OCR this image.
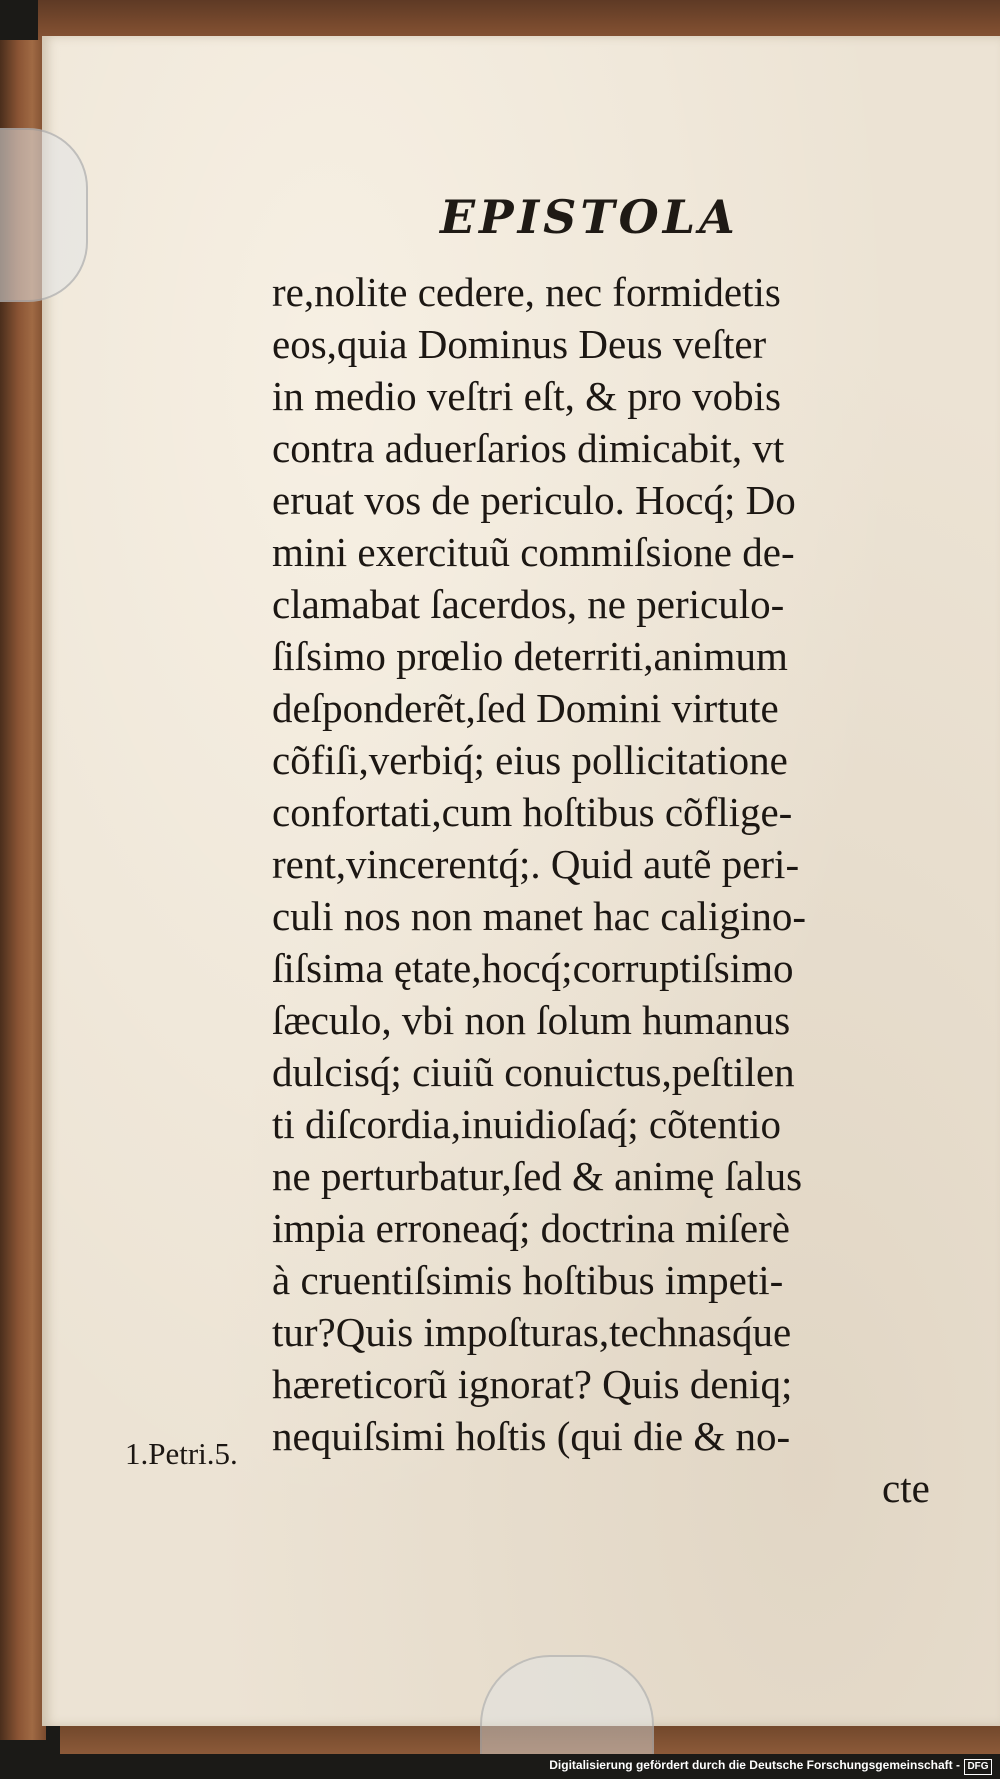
EPISTOLA
re,nolite cedere, nec formidetis
eos,quia Dominus Deus veſter
in medio veſtri eſt, & pro vobis
contra aduerſarios dimicabit, vt
eruat vos de periculo. Hocq́; Do
mini exercituũ commiſsione de-
clamabat ſacerdos, ne periculo-
ſiſsimo prœlio deterriti,animum
deſponderẽt,ſed Domini virtute
cõfiſi,verbiq́; eius pollicitatione
confortati,cum hoſtibus cõflige-
rent,vincerentq́;. Quid autẽ peri-
culi nos non manet hac caligino-
ſiſsima ętate,hocq́;corruptiſsimo
ſæculo, vbi non ſolum humanus
dulcisq́; ciuiũ conuictus,peſtilen
ti diſcordia,inuidioſaq́; cõtentio
ne perturbatur,ſed & animę ſalus
impia erroneaq́; doctrina miſerè
à cruentiſsimis hoſtibus impeti-
tur?Quis impoſturas,technasq́ue
hæreticorũ ignorat? Quis deniq;
nequiſsimi hoſtis (qui die & no-
cte
1.Petri.5.
Digitalisierung gefördert durch die Deutsche Forschungsgemeinschaft - DFG
